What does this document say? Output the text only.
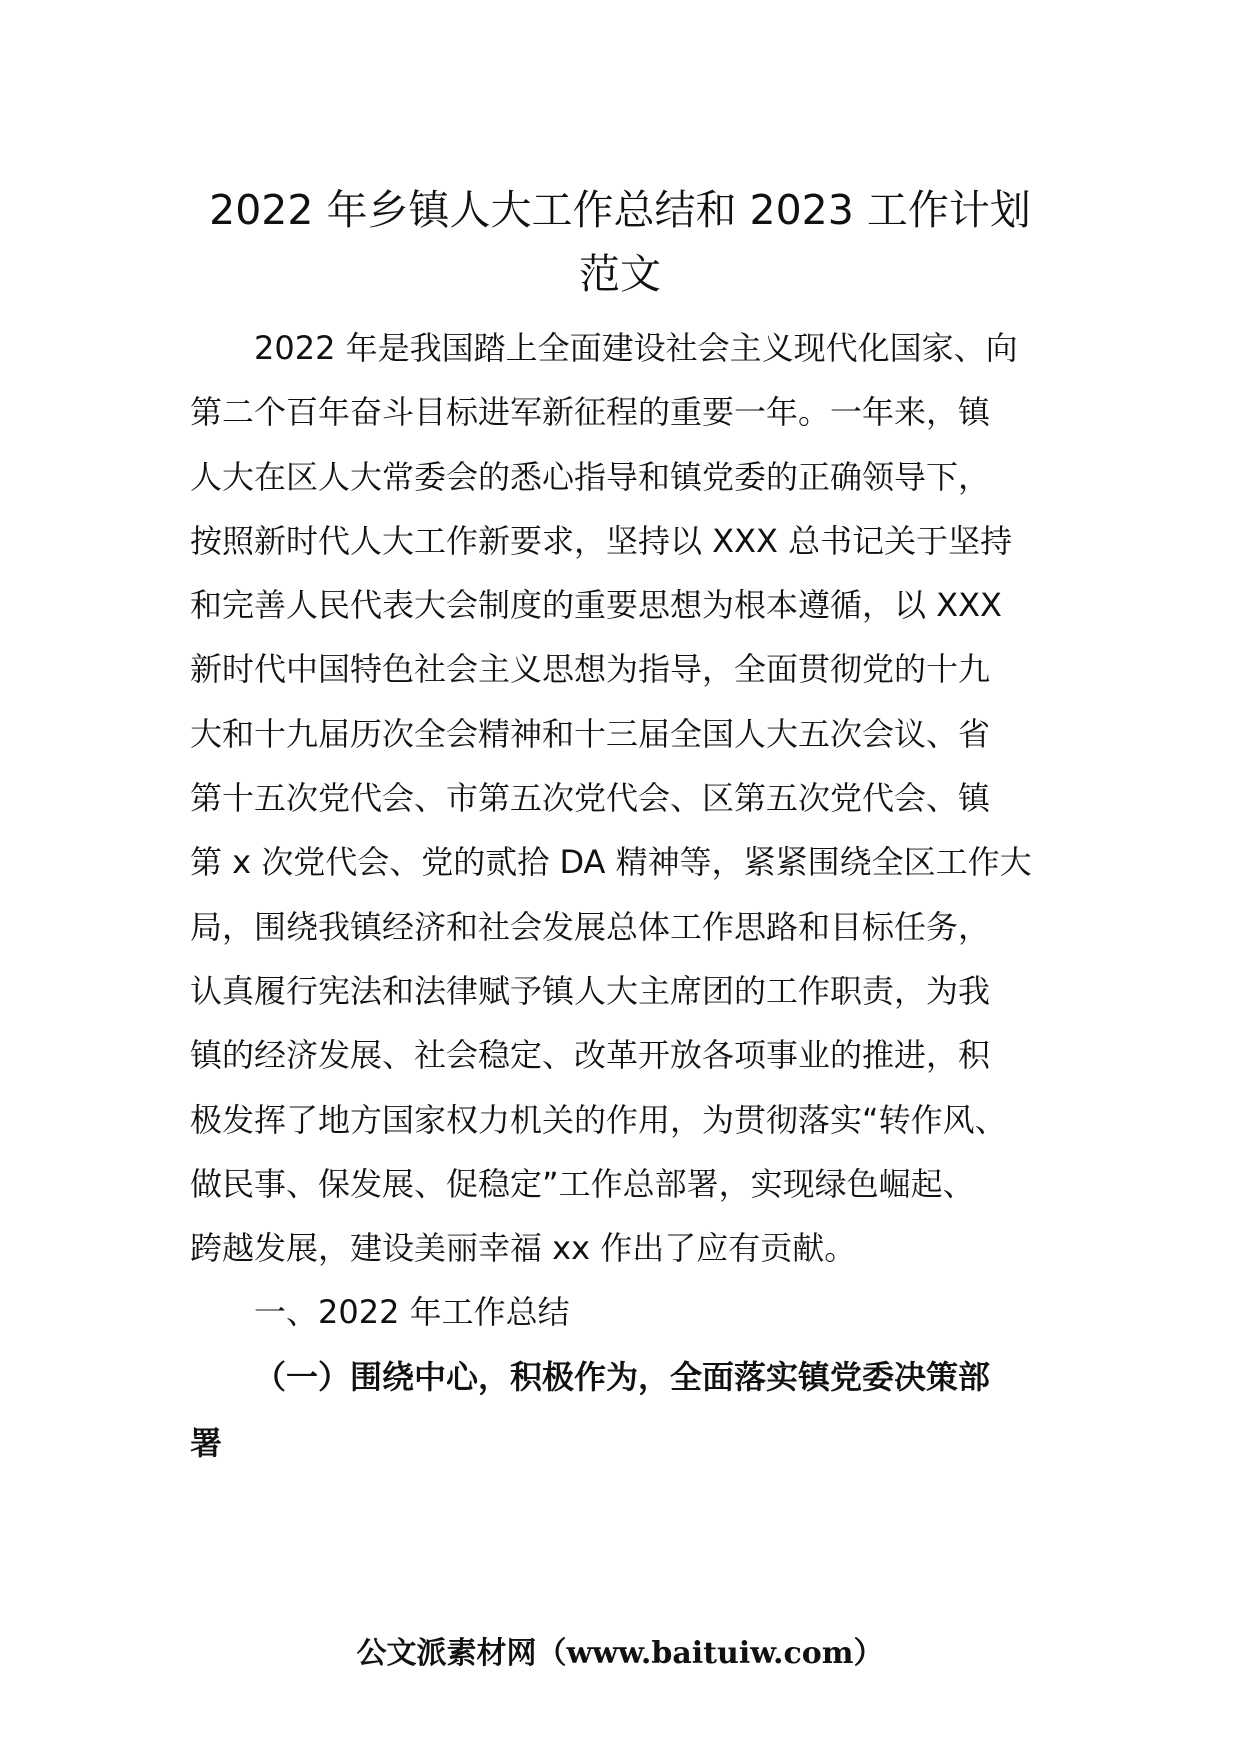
2022 年乡镇人大工作总结和 2023 工作计划
范文
2022 年是我国踏上全面建设社会主义现代化国家、向
第二个百年奋斗目标进军新征程的重要一年。一年来，镇
人大在区人大常委会的悉心指导和镇党委的正确领导下，
按照新时代人大工作新要求，坚持以 XXX 总书记关于坚持
和完善人民代表大会制度的重要思想为根本遵循，以 XXX
新时代中国特色社会主义思想为指导，全面贯彻党的十九
大和十九届历次全会精神和十三届全国人大五次会议、省
第十五次党代会、市第五次党代会、区第五次党代会、镇
第 x 次党代会、党的贰拾 DA 精神等，紧紧围绕全区工作大
局，围绕我镇经济和社会发展总体工作思路和目标任务，
认真履行宪法和法律赋予镇人大主席团的工作职责，为我
镇的经济发展、社会稳定、改革开放各项事业的推进，积
极发挥了地方国家权力机关的作用，为贯彻落实“转作风、
做民事、保发展、促稳定”工作总部署，实现绿色崛起、
跨越发展，建设美丽幸福 xx 作出了应有贡献。
一、2022 年工作总结
（一）围绕中心，积极作为，全面落实镇党委决策部
署
公文派素材网（www.baituiw.com）
